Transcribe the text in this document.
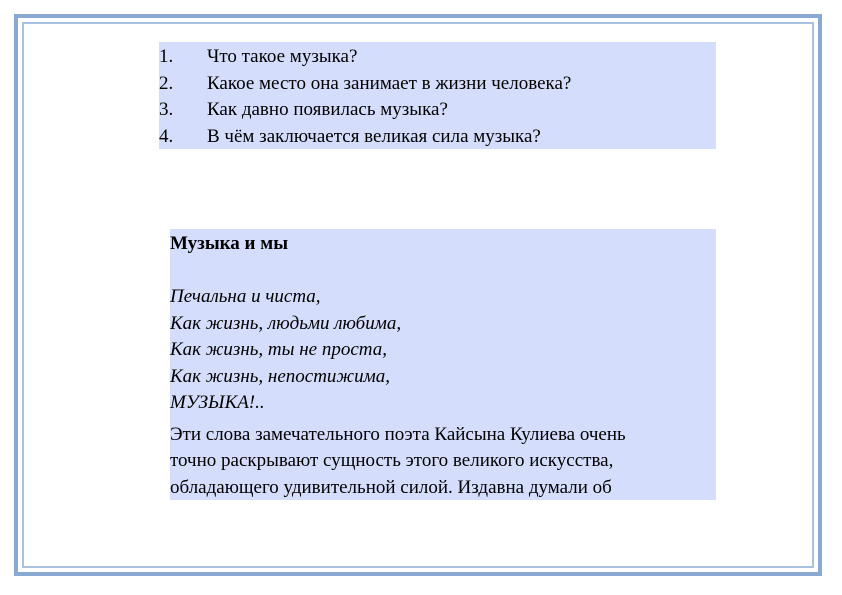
1.	Что такое музыка?
2.	Какое место она занимает в жизни человека?
3.	Как давно появилась музыка?
4.	В чём заключается великая сила музыка?
Музыка и мы
Печальна и чиста,
Как жизнь, людьми любима,
Как жизнь, ты не проста,
Как жизнь, непостижима,
МУЗЫКА!..
Эти слова замечательного поэта Кайсына Кулиева очень
точно раскрывают сущность этого великого искусства,
обладающего удивительной силой. Издавна думали об
